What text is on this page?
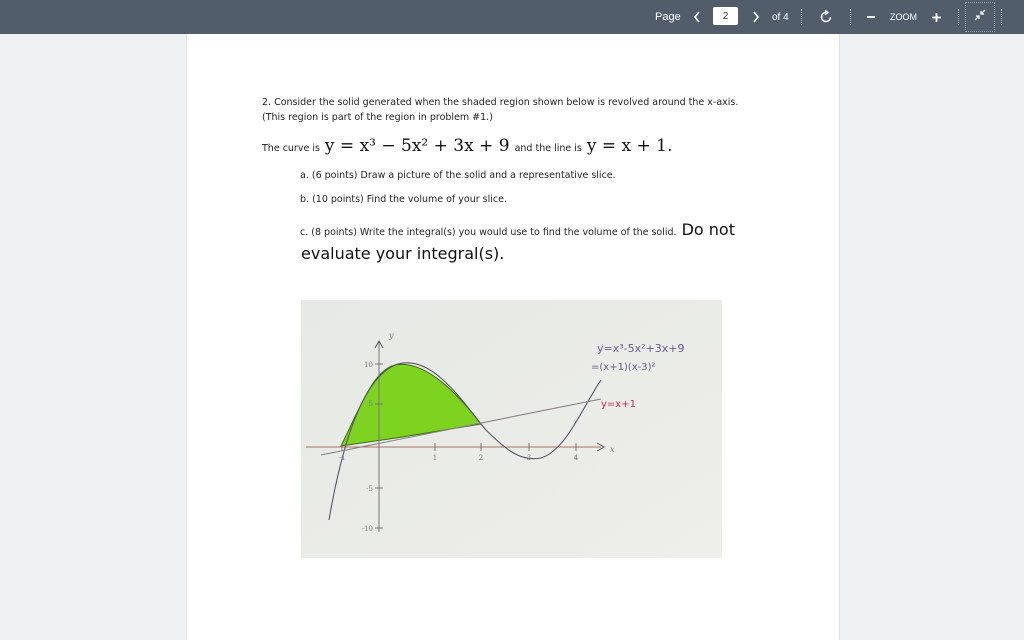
Page	2	of 4	ZOOM
2. Consider the solid generated when the shaded region shown below is revolved around the x-axis.
(This region is part of the region in problem #1.)
The curve is y = x³ − 5x² + 3x + 9 and the line is y = x + 1.
a. (6 points) Draw a picture of the solid and a representative slice.
b. (10 points) Find the volume of your slice.
c. (8 points) Write the integral(s) you would use to find the volume of the solid. Do not
evaluate your integral(s).
y
x
10
5
-5
-10
-1	1	2	3	4
y=x³-5x²+3x+9
=(x+1)(x-3)²
y=x+1
